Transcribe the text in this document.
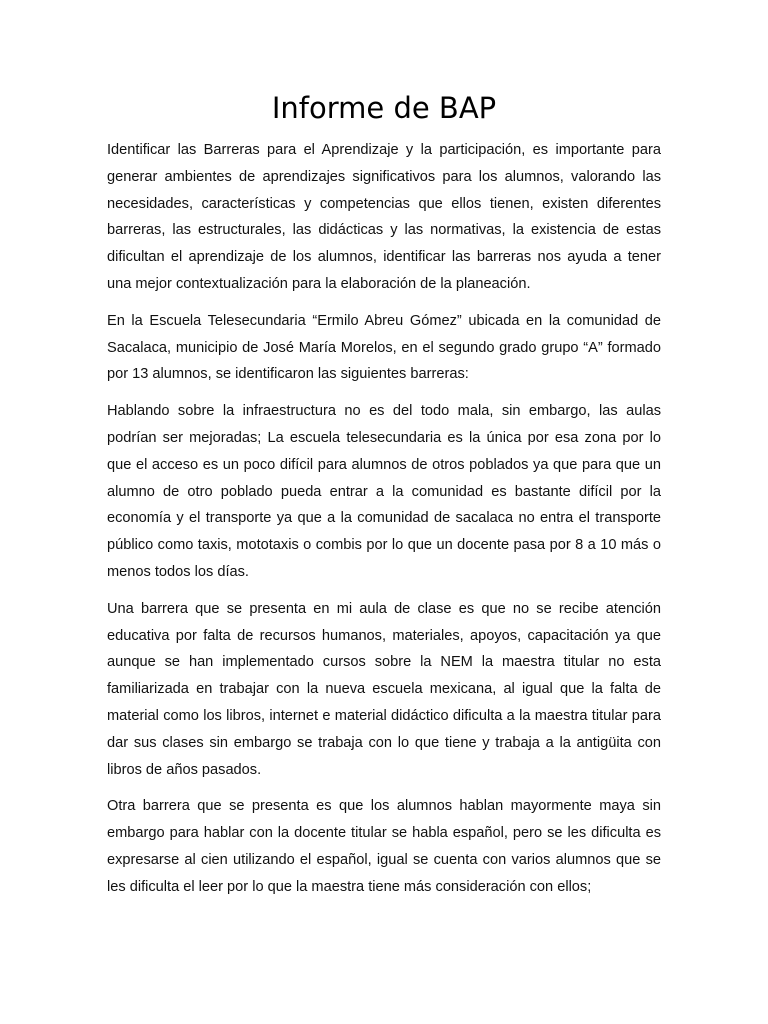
Informe de BAP

Identificar las Barreras para el Aprendizaje y la participación, es importante para generar ambientes de aprendizajes significativos para los alumnos, valorando las necesidades, características y competencias que ellos tienen, existen diferentes barreras, las estructurales, las didácticas y las normativas, la existencia de estas dificultan el aprendizaje de los alumnos, identificar las barreras nos ayuda a tener una mejor contextualización para la elaboración de la planeación.

En la Escuela Telesecundaria “Ermilo Abreu Gómez” ubicada en la comunidad de Sacalaca, municipio de José María Morelos, en el segundo grado grupo “A” formado por 13 alumnos, se identificaron las siguientes barreras:

Hablando sobre la infraestructura no es del todo mala, sin embargo, las aulas podrían ser mejoradas; La escuela telesecundaria es la única por esa zona por lo que el acceso es un poco difícil para alumnos de otros poblados ya que para que un alumno de otro poblado pueda entrar a la comunidad es bastante difícil por la economía y el transporte ya que a la comunidad de sacalaca no entra el transporte público como taxis, mototaxis o combis por lo que un docente pasa por 8 a 10 más o menos todos los días.

Una barrera que se presenta en mi aula de clase es que no se recibe atención educativa por falta de recursos humanos, materiales, apoyos, capacitación ya que aunque se han implementado cursos sobre la NEM la maestra titular no esta familiarizada en trabajar con la nueva escuela mexicana, al igual que la falta de material como los libros, internet e material didáctico dificulta a la maestra titular para dar sus clases sin embargo se trabaja con lo que tiene y trabaja a la antigüita con libros de años pasados.

Otra barrera que se presenta es que los alumnos hablan mayormente maya sin embargo para hablar con la docente titular se habla español, pero se les dificulta es expresarse al cien utilizando el español, igual se cuenta con varios alumnos que se les dificulta el leer por lo que la maestra tiene más consideración con ellos;
